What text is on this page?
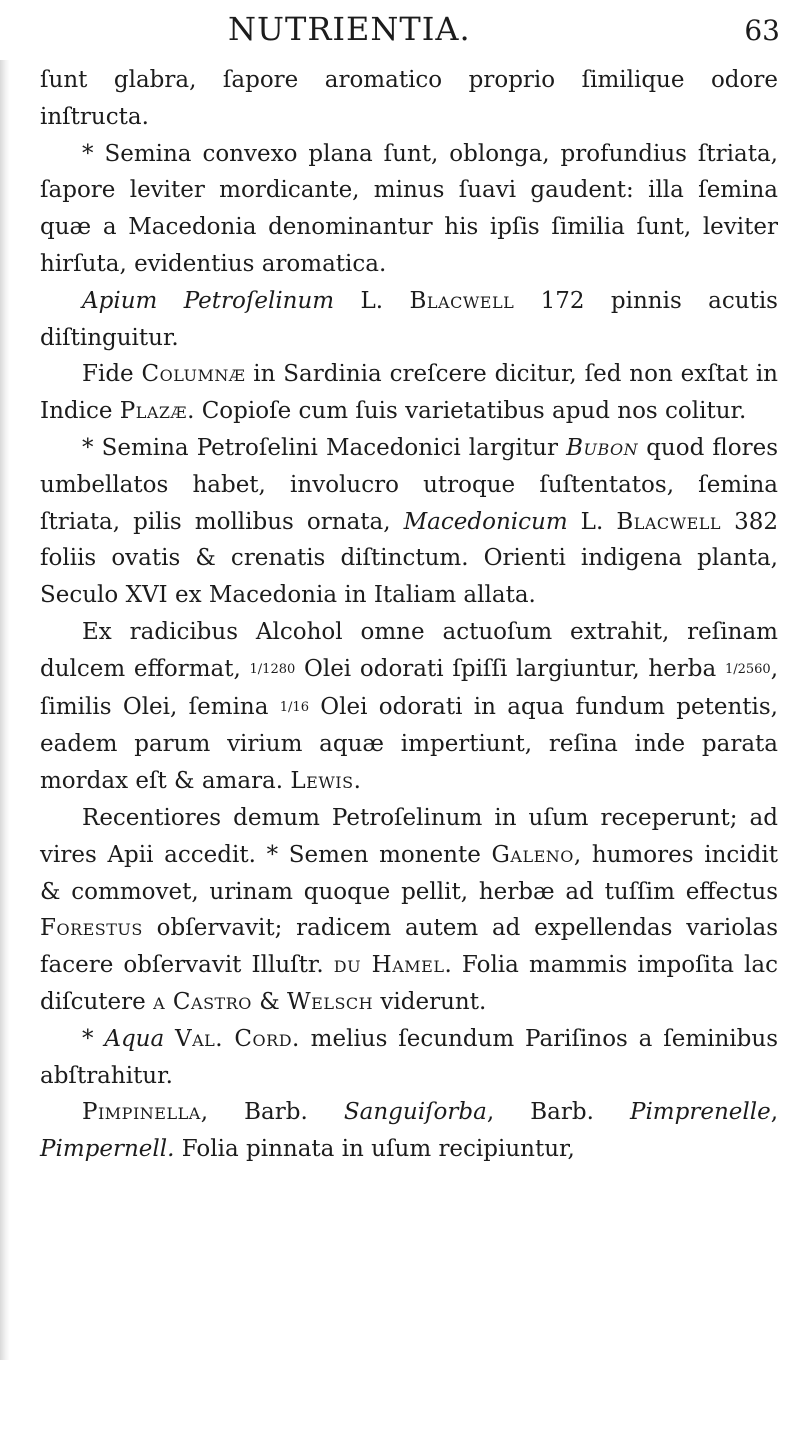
NUTRIENTIA.	63

ſunt glabra, ſapore aromatico proprio ſimilique odore inſtructa.

* Semina convexo plana ſunt, oblonga, profundius ſtriata, ſapore leviter mordicante, minus ſuavi gaudent: illa ſemina quæ a Macedonia denominantur his ipſis ſimilia ſunt, leviter hirſuta, evidentius aromatica.

Apium Petroſelinum L. Blacwell 172 pinnis acutis diſtinguitur.

Fide Columnæ in Sardinia creſcere dicitur, ſed non exſtat in Indice Plazæ. Copioſe cum ſuis varietatibus apud nos colitur.

* Semina Petroſelini Macedonici largitur Bubon quod flores umbellatos habet, involucro utroque ſuſtentatos, ſemina ſtriata, pilis mollibus ornata, Macedonicum L. Blacwell 382 foliis ovatis & crenatis diſtinctum. Orienti indigena planta, Seculo XVI ex Macedonia in Italiam allata.

Ex radicibus Alcohol omne actuoſum extrahit, reſinam dulcem efformat, 1/1280 Olei odorati ſpiſſi largiuntur, herba 1/2560, ſimilis Olei, ſemina 1/16 Olei odorati in aqua fundum petentis, eadem parum virium aquæ impertiunt, reſina inde parata mordax eſt & amara. Lewis.

Recentiores demum Petroſelinum in uſum receperunt; ad vires Apii accedit. * Semen monente Galeno, humores incidit & commovet, urinam quoque pellit, herbæ ad tuſſim effectus Forestus obſervavit; radicem autem ad expellendas variolas facere obſervavit Illuſtr. du Hamel. Folia mammis impoſita lac diſcutere a Castro & Welsch viderunt.

* Aqua Val. Cord. melius ſecundum Pariſinos a ſeminibus abſtrahitur.

Pimpinella, Barb. Sanguiſorba, Barb. Pimprenelle, Pimpernell. Folia pinnata in uſum recipiuntur,
